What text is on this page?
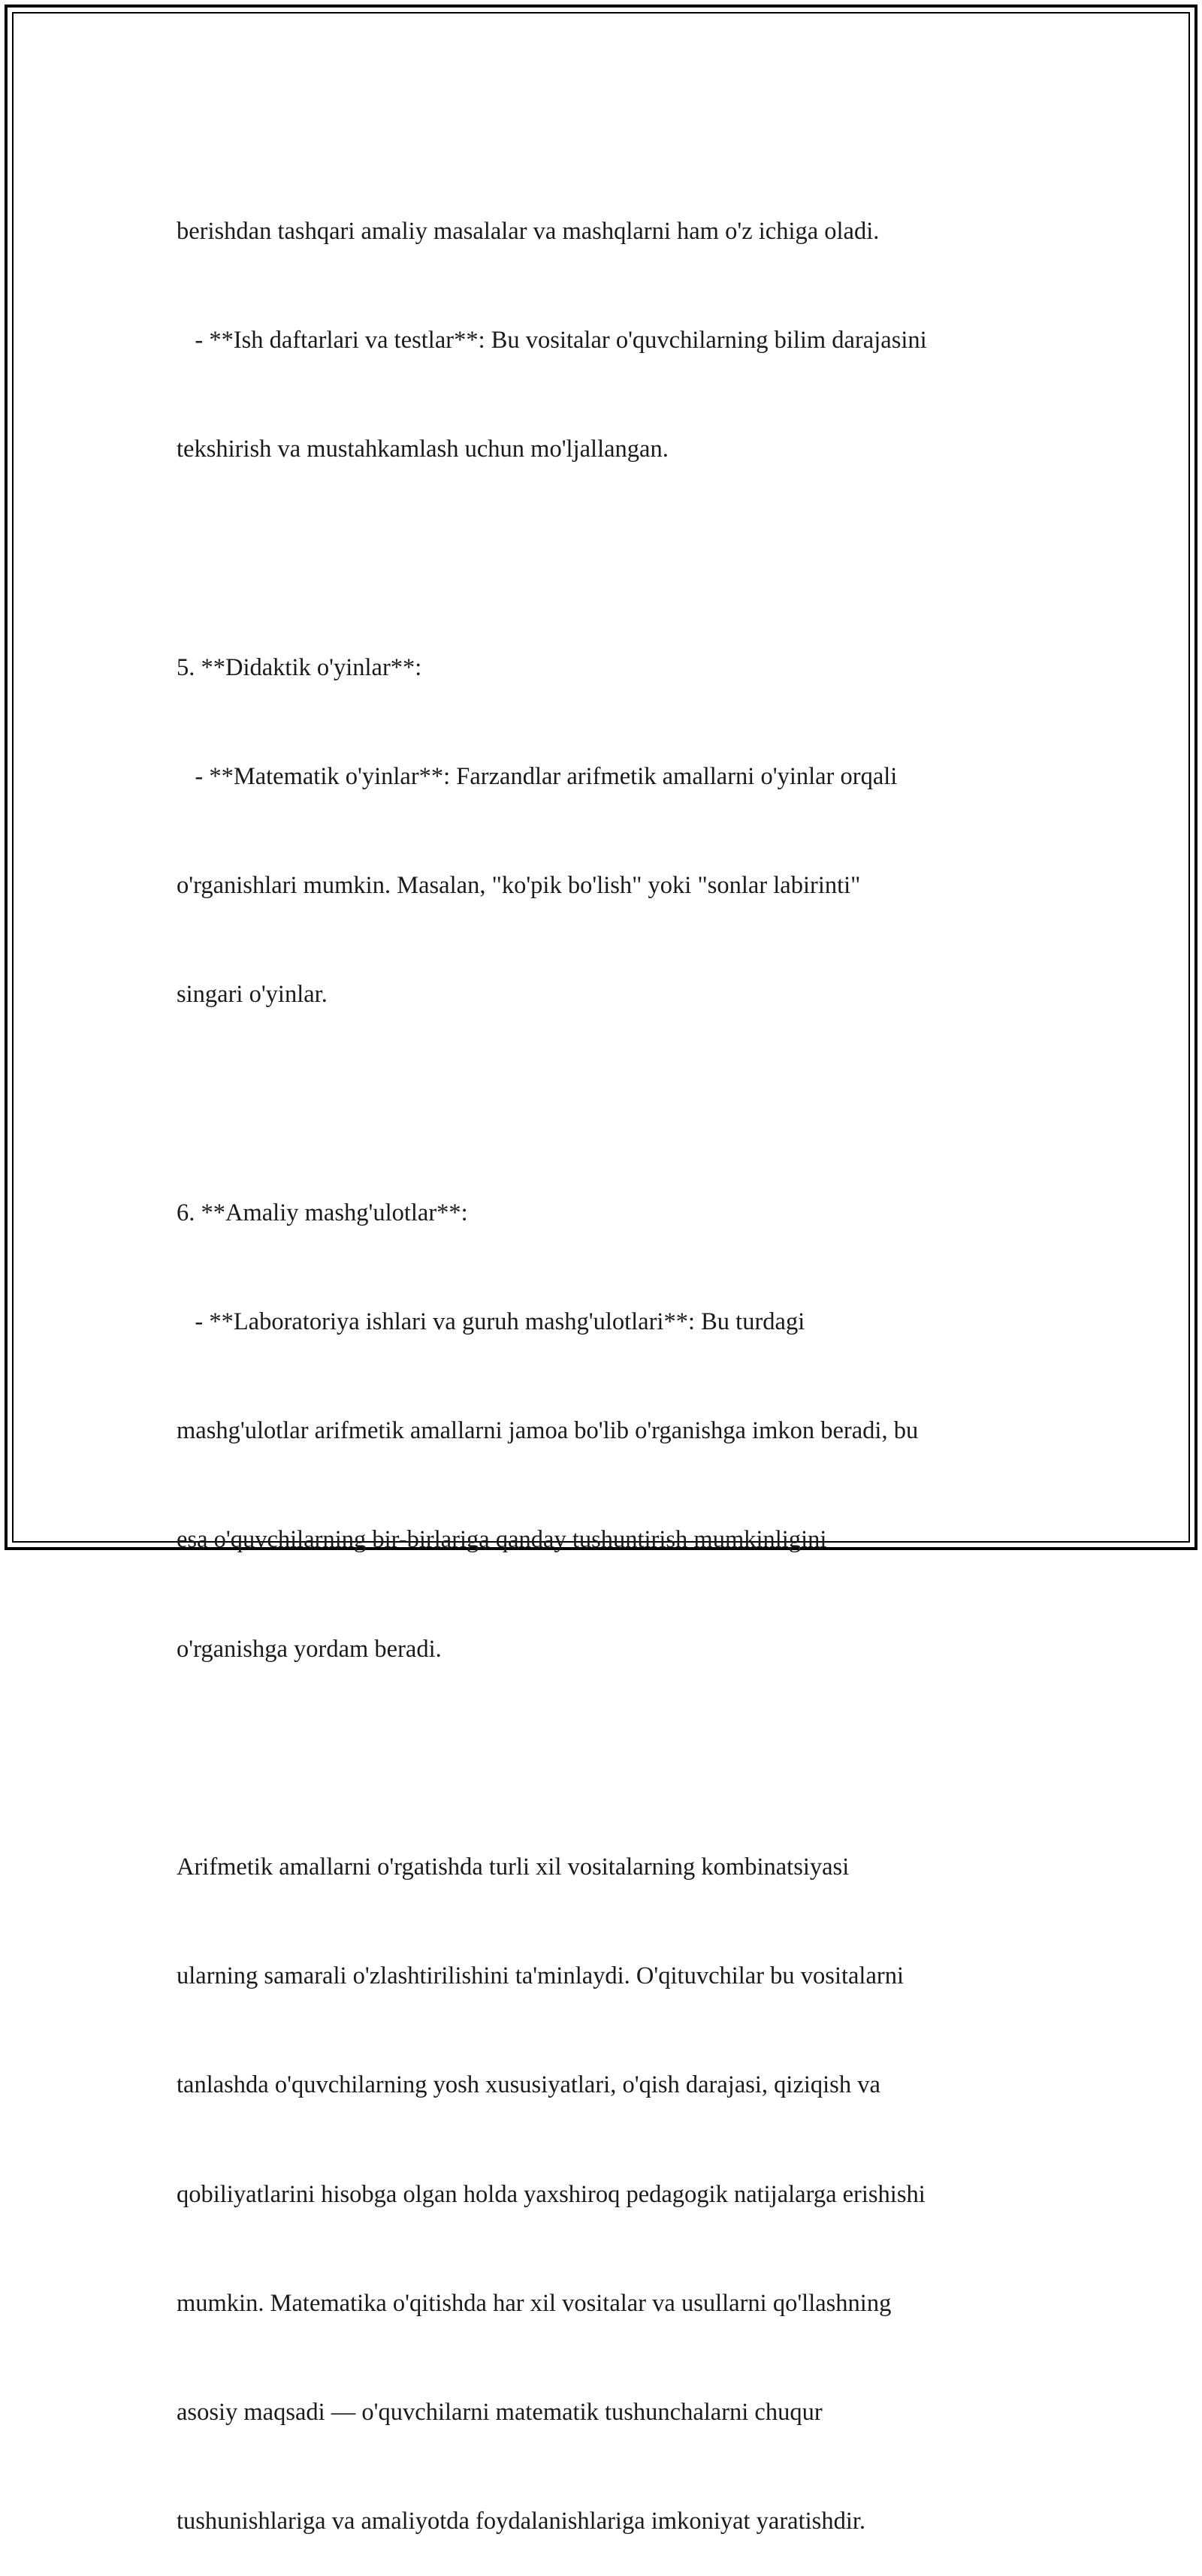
berishdan tashqari amaliy masalalar va mashqlarni ham o'z ichiga oladi.

- **Ish daftarlari va testlar**: Bu vositalar o'quvchilarning bilim darajasini

tekshirish va mustahkamlash uchun mo'ljallangan.

5. **Didaktik o'yinlar**:

- **Matematik o'yinlar**: Farzandlar arifmetik amallarni o'yinlar orqali

o'rganishlari mumkin. Masalan, "ko'pik bo'lish" yoki "sonlar labirinti"

singari o'yinlar.

6. **Amaliy mashg'ulotlar**:

- **Laboratoriya ishlari va guruh mashg'ulotlari**: Bu turdagi

mashg'ulotlar arifmetik amallarni jamoa bo'lib o'rganishga imkon beradi, bu

esa o'quvchilarning bir-birlariga qanday tushuntirish mumkinligini

o'rganishga yordam beradi.

Arifmetik amallarni o'rgatishda turli xil vositalarning kombinatsiyasi

ularning samarali o'zlashtirilishini ta'minlaydi. O'qituvchilar bu vositalarni

tanlashda o'quvchilarning yosh xususiyatlari, o'qish darajasi, qiziqish va

qobiliyatlarini hisobga olgan holda yaxshiroq pedagogik natijalarga erishishi

mumkin. Matematika o'qitishda har xil vositalar va usullarni qo'llashning

asosiy maqsadi — o'quvchilarni matematik tushunchalarni chuqur

tushunishlariga va amaliyotda foydalanishlariga imkoniyat yaratishdir.
